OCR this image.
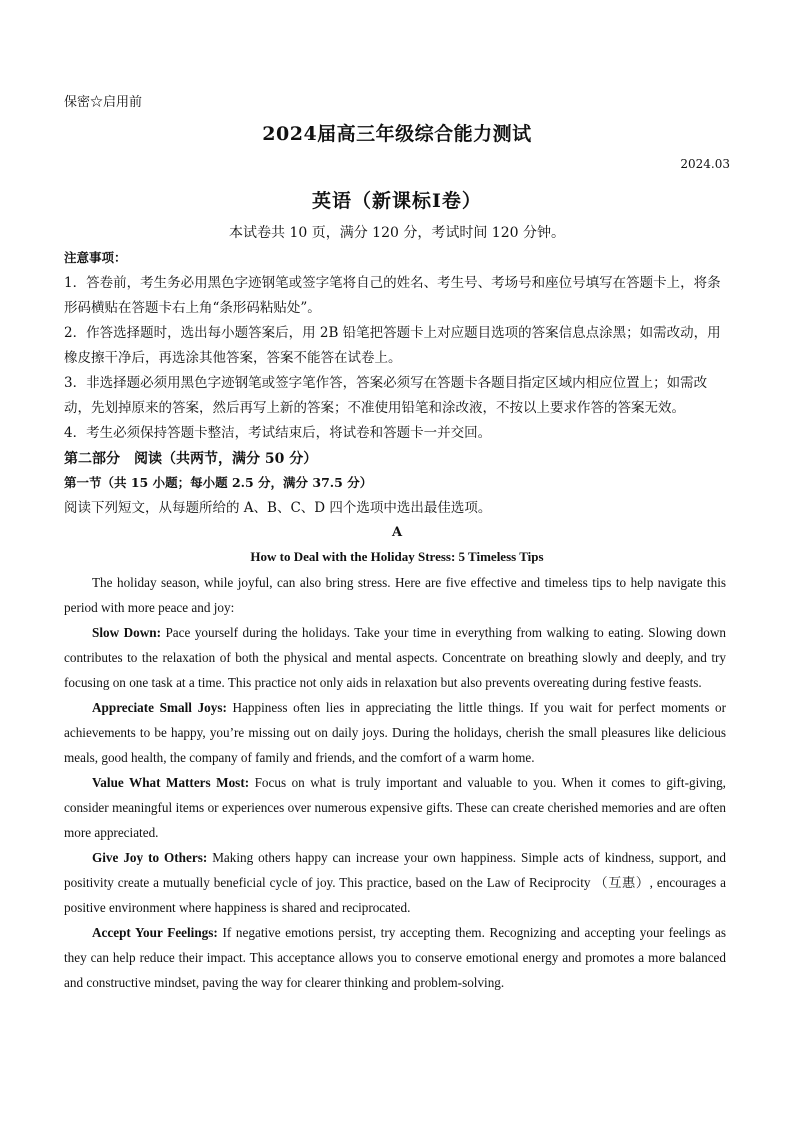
保密☆启用前
2024届高三年级综合能力测试
2024.03
英语（新课标Ⅰ卷）
本试卷共 10 页，满分 120 分，考试时间 120 分钟。
注意事项：

1．答卷前，考生务必用黑色字迹钢笔或签字笔将自己的姓名、考生号、考场号和座位号填写在答题卡上，将条形码横贴在答题卡右上角“条形码粘贴处”。

2．作答选择题时，选出每小题答案后，用 2B 铅笔把答题卡上对应题目选项的答案信息点涂黑；如需改动，用橡皮擦干净后，再选涂其他答案，答案不能答在试卷上。

3．非选择题必须用黑色字迹钢笔或签字笔作答，答案必须写在答题卡各题目指定区域内相应位置上；如需改动，先划掉原来的答案，然后再写上新的答案；不准使用铅笔和涂改液，不按以上要求作答的答案无效。

4．考生必须保持答题卡整洁，考试结束后，将试卷和答题卡一并交回。

第二部分　阅读（共两节，满分 50 分）
第一节（共 15 小题；每小题 2.5 分，满分 37.5 分）
阅读下列短文，从每题所给的 A、B、C、D 四个选项中选出最佳选项。
A
How to Deal with the Holiday Stress: 5 Timeless Tips

The holiday season, while joyful, can also bring stress. Here are five effective and timeless tips to help navigate this period with more peace and joy:

Slow Down: Pace yourself during the holidays. Take your time in everything from walking to eating. Slowing down contributes to the relaxation of both the physical and mental aspects. Concentrate on breathing slowly and deeply, and try focusing on one task at a time. This practice not only aids in relaxation but also prevents overeating during festive feasts.

Appreciate Small Joys: Happiness often lies in appreciating the little things. If you wait for perfect moments or achievements to be happy, you’re missing out on daily joys. During the holidays, cherish the small pleasures like delicious meals, good health, the company of family and friends, and the comfort of a warm home.

Value What Matters Most: Focus on what is truly important and valuable to you. When it comes to gift-giving, consider meaningful items or experiences over numerous expensive gifts. These can create cherished memories and are often more appreciated.

Give Joy to Others: Making others happy can increase your own happiness. Simple acts of kindness, support, and positivity create a mutually beneficial cycle of joy. This practice, based on the Law of Reciprocity （互惠）, encourages a positive environment where happiness is shared and reciprocated.

Accept Your Feelings: If negative emotions persist, try accepting them. Recognizing and accepting your feelings as they can help reduce their impact. This acceptance allows you to conserve emotional energy and promotes a more balanced and constructive mindset, paving the way for clearer thinking and problem-solving.
